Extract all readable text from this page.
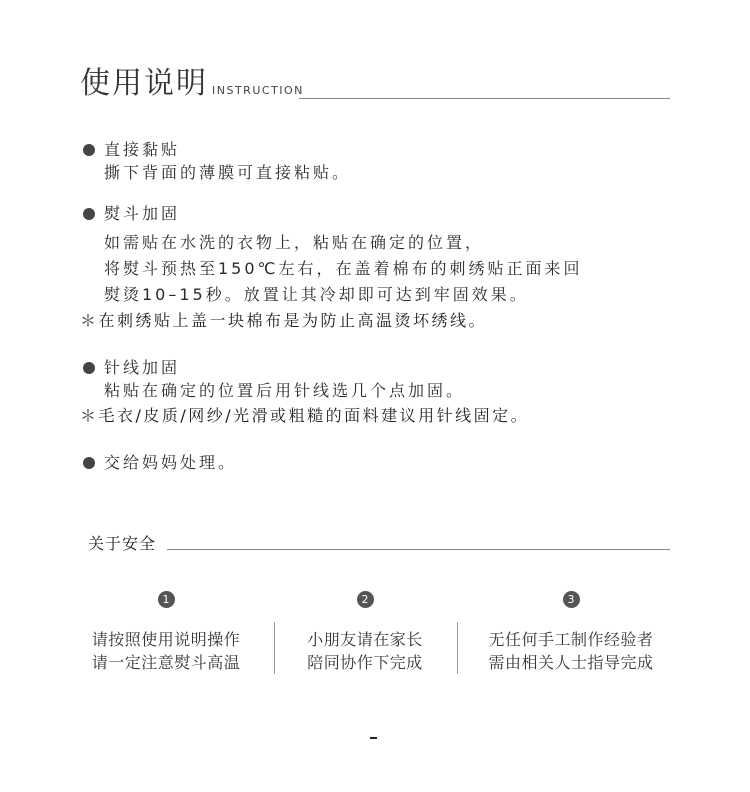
使用说明 INSTRUCTION
直接黏贴
撕下背面的薄膜可直接粘贴。
熨斗加固
如需贴在水洗的衣物上，粘贴在确定的位置，
将熨斗预热至150℃左右，在盖着棉布的刺绣贴正面来回
熨烫10–15秒。放置让其冷却即可达到牢固效果。
＊在刺绣贴上盖一块棉布是为防止高温烫坏绣线。
针线加固
粘贴在确定的位置后用针线选几个点加固。
＊毛衣/皮质/网纱/光滑或粗糙的面料建议用针线固定。
交给妈妈处理。
关于安全
1
请按照使用说明操作
请一定注意熨斗高温
2
小朋友请在家长
陪同协作下完成
3
无任何手工制作经验者
需由相关人士指导完成
